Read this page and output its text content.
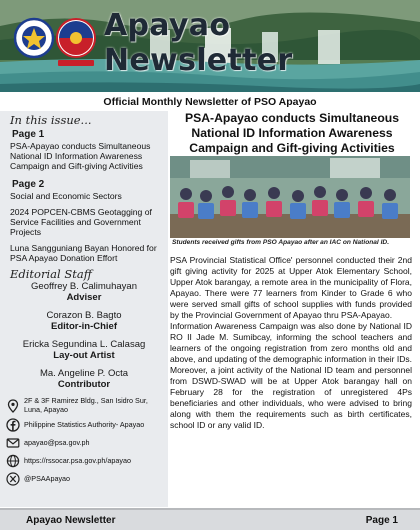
Apayao Newsletter
Official Monthly Newsletter of PSO Apayao
In this issue...
Page 1
PSA-Apayao conducts Simultaneous National ID Information Awareness Campaign and Gift-giving Activities
Page 2
Social and Economic Sectors
2024 POPCEN-CBMS Geotagging of Service Facilities and Government Projects
Luna Sangguniang Bayan Honored for PSA Apayao Donation Effort
Editorial Staff
Geoffrey B. Calimuhayan
Adviser
Corazon B. Bagto
Editor-in-Chief
Ericka Segundina L. Calasag
Lay-out Artist
Ma. Angeline P. Octa
Contributor
2F & 3F Ramirez Bldg., San Isidro Sur, Luna, Apayao
Philippine Statistics Authority- Apayao
apayao@psa.gov.ph
https://rssocar.psa.gov.ph/apayao
@PSAApayao
PSA-Apayao conducts Simultaneous National ID Information Awareness Campaign and Gift-giving Activities
Students received gifts from PSO Apayao after an IAC on National ID.

PSA Provincial Statistical Office' personnel conducted their 2nd gift giving activity for 2025 at Upper Atok Elementary School, Upper Atok barangay, a remote area in the municipality of Flora, Apayao. There were 77 learners from Kinder to Grade 6 who were served small gifts of school supplies with funds provided by the Provincial Government of Apayao thru PSA-Apayao.

Information Awareness Campaign was also done by National ID RO II Jade M. Sumibcay, informing the school teachers and learners of the ongoing registration from zero months old and above, and updating of the demographic information in their IDs. Moreover, a joint activity of the National ID team and personnel from DSWD-SWAD will be at Upper Atok barangay hall on February 28 for the registration of unregistered 4Ps beneficiaries and other individuals, who were advised to bring along with them the requirements such as birth certificates, school ID or any valid ID.

Apayao Newsletter	Page 1
